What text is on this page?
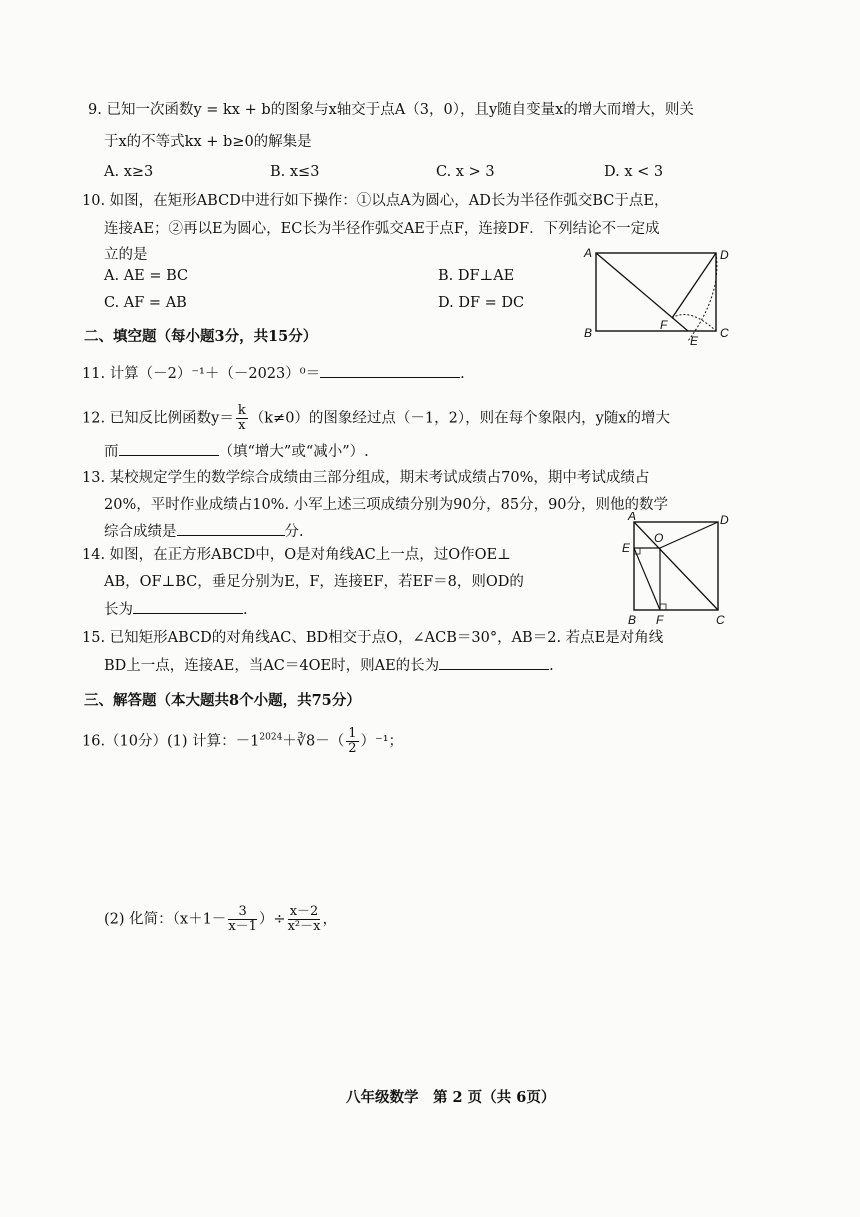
9. 已知一次函数y = kx + b的图象与x轴交于点A（3，0），且y随自变量x的增大而增大，则关
于x的不等式kx + b≥0的解集是
A. x≥3	B. x≤3	C. x > 3	D. x < 3
10. 如图，在矩形ABCD中进行如下操作：①以点A为圆心，AD长为半径作弧交BC于点E，
连接AE；②再以E为圆心，EC长为半径作弧交AE于点F，连接DF．下列结论不一定成
立的是
A. AE = BC	B. DF⊥AE
C. AF = AB	D. DF = DC
A	D
B	C
F
E
二、填空题（每小题3分，共15分）
11. 计算（－2）⁻¹＋（－2023）⁰＝	.
12. 已知反比例函数$y= \frac{k}{x} (k\ne 0)$的图象经过点（－1，2），则在每个象限内，y随x的增大
而	（填“增大”或“减小”）.
13. 某校规定学生的数学综合成绩由三部分组成，期末考试成绩占70%，期中考试成绩占
20%，平时作业成绩占10%. 小军上述三项成绩分别为90分，85分，90分，则他的数学
综合成绩是	分.
14. 如图，在正方形ABCD中，O是对角线AC上一点，过O作OE⊥
AB，OF⊥BC，垂足分别为E，F，连接EF，若EF＝8，则OD的
长为	.
A	D
E
O
B F	C
15. 已知矩形ABCD的对角线AC、BD相交于点O，∠ACB＝30°，AB＝2. 若点E是对角线
BD上一点，连接AE，当AC＝4OE时，则AE的长为	.
三、解答题（本大题共8个小题，共75分）
16.（10分）(1) 计算：$-1^{2024}+∛8-( \frac{1}{2} )^{-1}$；
(2) 化简：（$x+1- \frac{3}{x-1}$ ）÷ $\frac{x-2}{\text{x²－x}}$ ，
八年级数学　第 2 页（共 6页）
